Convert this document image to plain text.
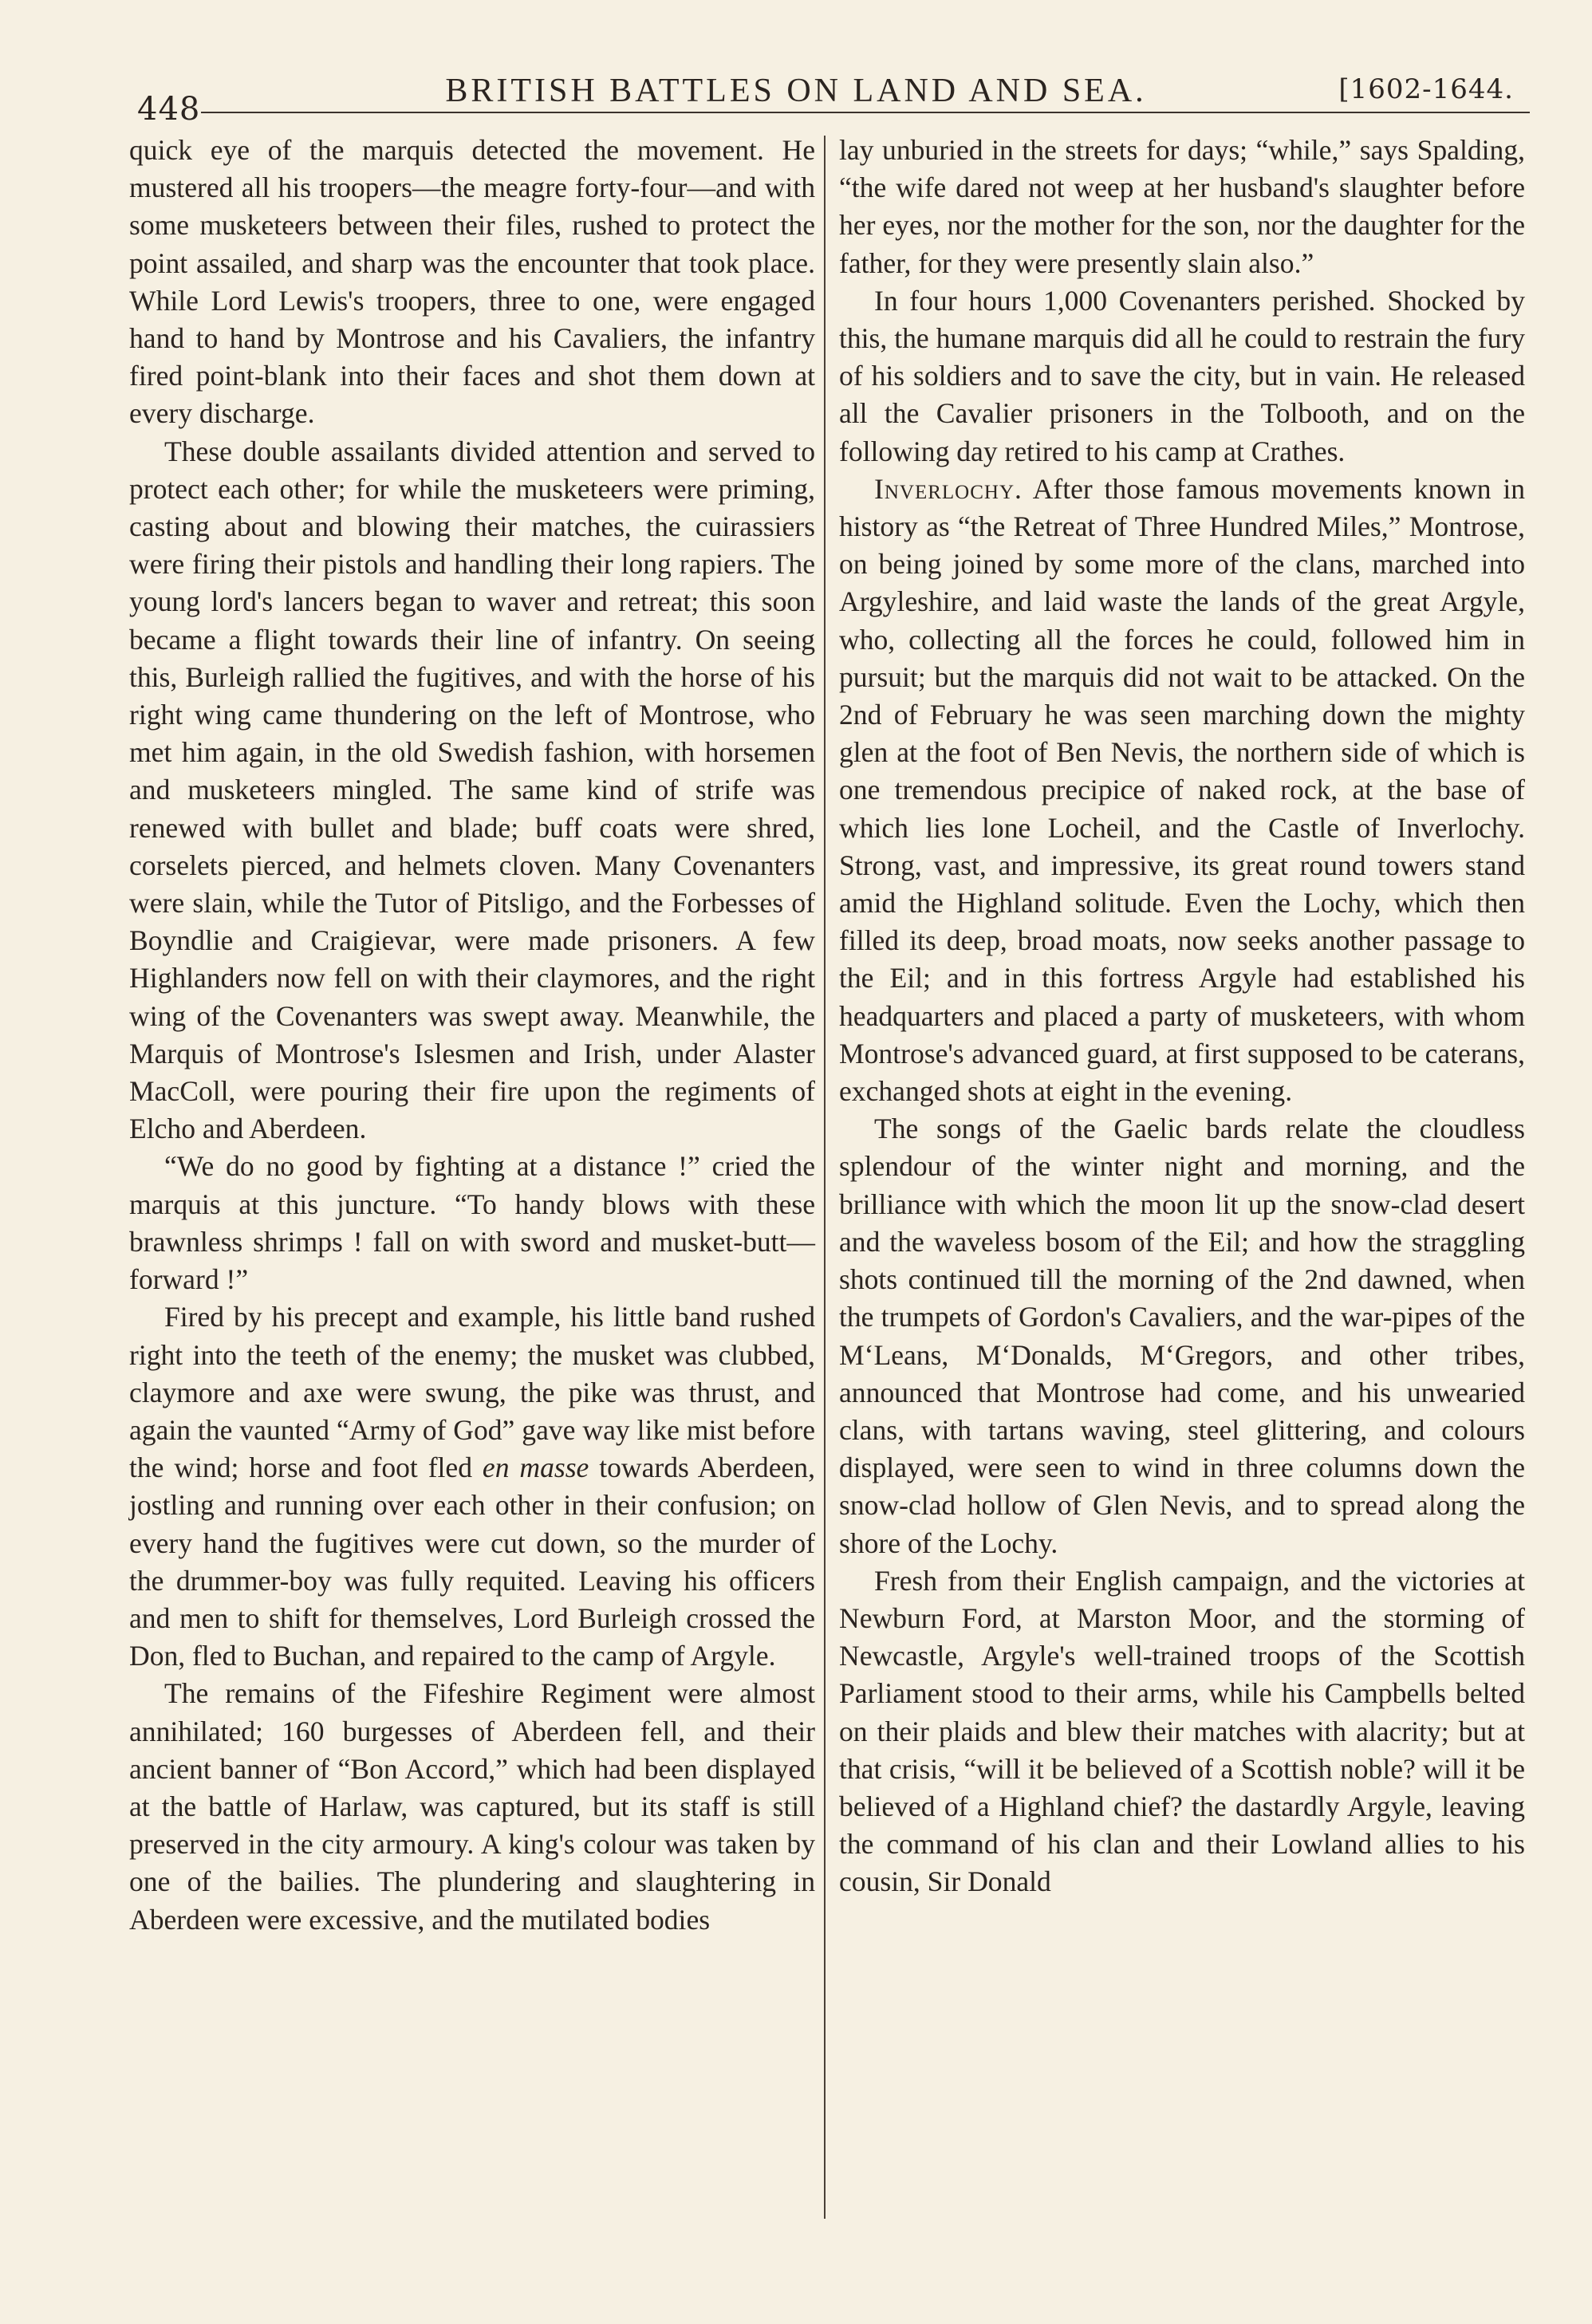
448	BRITISH BATTLES ON LAND AND SEA.	[1602-1644.

quick eye of the marquis detected the movement. He mustered all his troopers—the meagre forty-four—and with some musketeers between their files, rushed to protect the point assailed, and sharp was the encounter that took place. While Lord Lewis's troopers, three to one, were engaged hand to hand by Montrose and his Cavaliers, the infantry fired point-blank into their faces and shot them down at every discharge.

These double assailants divided attention and served to protect each other; for while the musketeers were priming, casting about and blowing their matches, the cuirassiers were firing their pistols and handling their long rapiers. The young lord's lancers began to waver and retreat; this soon became a flight towards their line of infantry. On seeing this, Burleigh rallied the fugitives, and with the horse of his right wing came thundering on the left of Montrose, who met him again, in the old Swedish fashion, with horsemen and musketeers mingled. The same kind of strife was renewed with bullet and blade; buff coats were shred, corselets pierced, and helmets cloven. Many Covenanters were slain, while the Tutor of Pitsligo, and the Forbesses of Boyndlie and Craigievar, were made prisoners. A few Highlanders now fell on with their claymores, and the right wing of the Covenanters was swept away. Meanwhile, the Marquis of Montrose's Islesmen and Irish, under Alaster MacColl, were pouring their fire upon the regiments of Elcho and Aberdeen.

“We do no good by fighting at a distance !” cried the marquis at this juncture. “To handy blows with these brawnless shrimps ! fall on with sword and musket-butt—forward !”

Fired by his precept and example, his little band rushed right into the teeth of the enemy; the musket was clubbed, claymore and axe were swung, the pike was thrust, and again the vaunted “Army of God” gave way like mist before the wind; horse and foot fled en masse towards Aberdeen, jostling and running over each other in their confusion; on every hand the fugitives were cut down, so the murder of the drummer-boy was fully requited. Leaving his officers and men to shift for themselves, Lord Burleigh crossed the Don, fled to Buchan, and repaired to the camp of Argyle.

The remains of the Fifeshire Regiment were almost annihilated; 160 burgesses of Aberdeen fell, and their ancient banner of “Bon Accord,” which had been displayed at the battle of Harlaw, was captured, but its staff is still preserved in the city armoury. A king's colour was taken by one of the bailies. The plundering and slaughtering in Aberdeen were excessive, and the mutilated bodies

lay unburied in the streets for days; “while,” says Spalding, “the wife dared not weep at her husband's slaughter before her eyes, nor the mother for the son, nor the daughter for the father, for they were presently slain also.”

In four hours 1,000 Covenanters perished. Shocked by this, the humane marquis did all he could to restrain the fury of his soldiers and to save the city, but in vain. He released all the Cavalier prisoners in the Tolbooth, and on the following day retired to his camp at Crathes.

Inverlochy. After those famous movements known in history as “the Retreat of Three Hundred Miles,” Montrose, on being joined by some more of the clans, marched into Argyleshire, and laid waste the lands of the great Argyle, who, collecting all the forces he could, followed him in pursuit; but the marquis did not wait to be attacked. On the 2nd of February he was seen marching down the mighty glen at the foot of Ben Nevis, the northern side of which is one tremendous precipice of naked rock, at the base of which lies lone Locheil, and the Castle of Inverlochy. Strong, vast, and impressive, its great round towers stand amid the Highland solitude. Even the Lochy, which then filled its deep, broad moats, now seeks another passage to the Eil; and in this fortress Argyle had established his headquarters and placed a party of musketeers, with whom Montrose's advanced guard, at first supposed to be caterans, exchanged shots at eight in the evening.

The songs of the Gaelic bards relate the cloudless splendour of the winter night and morning, and the brilliance with which the moon lit up the snow-clad desert and the waveless bosom of the Eil; and how the straggling shots continued till the morning of the 2nd dawned, when the trumpets of Gordon's Cavaliers, and the war-pipes of the M‘Leans, M‘Donalds, M‘Gregors, and other tribes, announced that Montrose had come, and his unwearied clans, with tartans waving, steel glittering, and colours displayed, were seen to wind in three columns down the snow-clad hollow of Glen Nevis, and to spread along the shore of the Lochy.

Fresh from their English campaign, and the victories at Newburn Ford, at Marston Moor, and the storming of Newcastle, Argyle's well-trained troops of the Scottish Parliament stood to their arms, while his Campbells belted on their plaids and blew their matches with alacrity; but at that crisis, “will it be believed of a Scottish noble? will it be believed of a Highland chief? the dastardly Argyle, leaving the command of his clan and their Lowland allies to his cousin, Sir Donald
